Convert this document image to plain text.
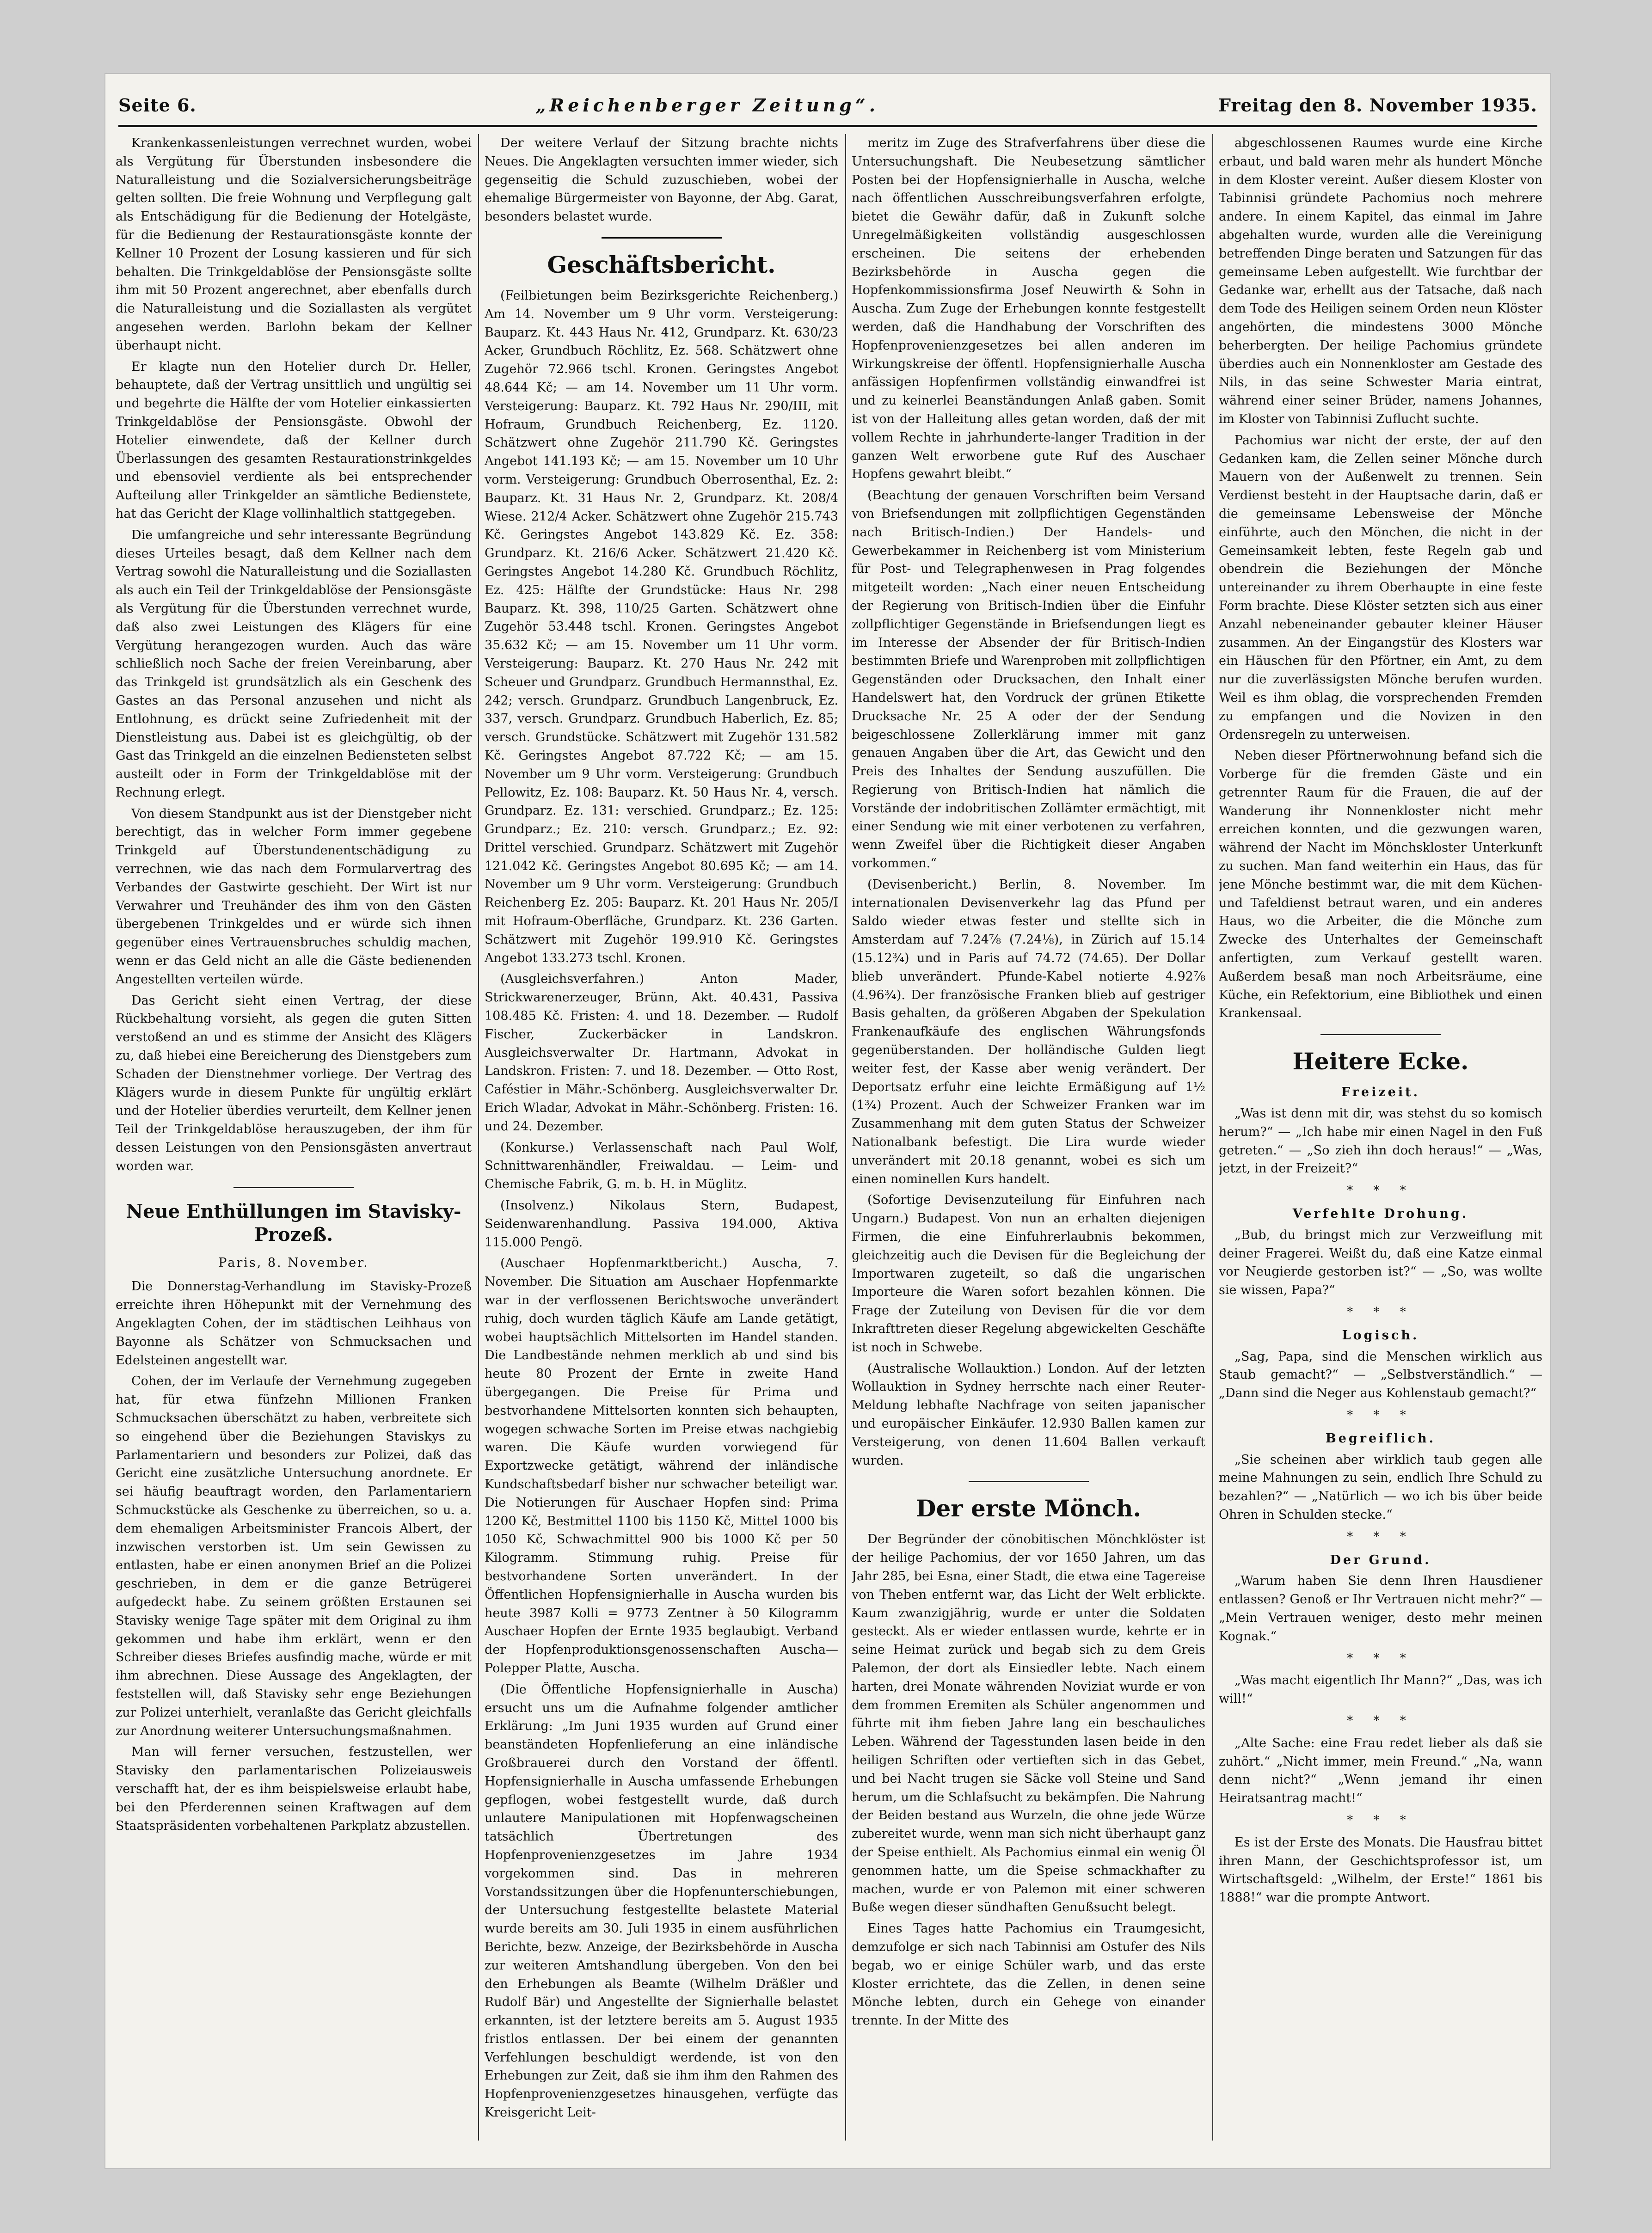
Seite 6.	„Reichenberger Zeitung“.	Freitag den 8. November 1935.

Krankenkassenleistungen verrechnet wurden, wobei als Vergütung für Überstunden insbesondere die Naturalleistung und die Sozialversicherungsbeiträge gelten sollten. Die freie Wohnung und Verpflegung galt als Entschädigung für die Bedienung der Hotelgäste, für die Bedienung der Restaurationsgäste konnte der Kellner 10 Prozent der Losung kassieren und für sich behalten. Die Trinkgeldablöse der Pensionsgäste sollte ihm mit 50 Prozent angerechnet, aber ebenfalls durch die Naturalleistung und die Soziallasten als vergütet angesehen werden. Barlohn bekam der Kellner überhaupt nicht.

Er klagte nun den Hotelier durch Dr. Heller, behauptete, daß der Vertrag unsittlich und ungültig sei und begehrte die Hälfte der vom Hotelier einkassierten Trinkgeldablöse der Pensionsgäste. Obwohl der Hotelier einwendete, daß der Kellner durch Überlassungen des gesamten Restaurationstrinkgeldes und ebensoviel verdiente als bei entsprechender Aufteilung aller Trinkgelder an sämtliche Bedienstete, hat das Gericht der Klage vollinhaltlich stattgegeben.

Die umfangreiche und sehr interessante Begründung dieses Urteiles besagt, daß dem Kellner nach dem Vertrag sowohl die Naturalleistung und die Soziallasten als auch ein Teil der Trinkgeldablöse der Pensionsgäste als Vergütung für die Überstunden verrechnet wurde, daß also zwei Leistungen des Klägers für eine Vergütung herangezogen wurden. Auch das wäre schließlich noch Sache der freien Vereinbarung, aber das Trinkgeld ist grundsätzlich als ein Geschenk des Gastes an das Personal anzusehen und nicht als Entlohnung, es drückt seine Zufriedenheit mit der Dienstleistung aus. Dabei ist es gleichgültig, ob der Gast das Trinkgeld an die einzelnen Bediensteten selbst austeilt oder in Form der Trinkgeldablöse mit der Rechnung erlegt.

Von diesem Standpunkt aus ist der Dienstgeber nicht berechtigt, das in welcher Form immer gegebene Trinkgeld auf Überstundenentschädigung zu verrechnen, wie das nach dem Formularvertrag des Verbandes der Gastwirte geschieht. Der Wirt ist nur Verwahrer und Treuhänder des ihm von den Gästen übergebenen Trinkgeldes und er würde sich ihnen gegenüber eines Vertrauensbruches schuldig machen, wenn er das Geld nicht an alle die Gäste bedienenden Angestellten verteilen würde.

Das Gericht sieht einen Vertrag, der diese Rückbehaltung vorsieht, als gegen die guten Sitten verstoßend an und es stimme der Ansicht des Klägers zu, daß hiebei eine Bereicherung des Dienstgebers zum Schaden der Dienstnehmer vorliege. Der Vertrag des Klägers wurde in diesem Punkte für ungültig erklärt und der Hotelier überdies verurteilt, dem Kellner jenen Teil der Trinkgeldablöse herauszugeben, der ihm für dessen Leistungen von den Pensionsgästen anvertraut worden war.

Neue Enthüllungen im Stavisky-Prozeß.
Paris, 8. November.

Die Donnerstag-Verhandlung im Stavisky-Prozeß erreichte ihren Höhepunkt mit der Vernehmung des Angeklagten Cohen, der im städtischen Leihhaus von Bayonne als Schätzer von Schmucksachen und Edelsteinen angestellt war.

Cohen, der im Verlaufe der Vernehmung zugegeben hat, für etwa fünfzehn Millionen Franken Schmucksachen überschätzt zu haben, verbreitete sich so eingehend über die Beziehungen Staviskys zu Parlamentariern und besonders zur Polizei, daß das Gericht eine zusätzliche Untersuchung anordnete. Er sei häufig beauftragt worden, den Parlamentariern Schmuckstücke als Geschenke zu überreichen, so u. a. dem ehemaligen Arbeitsminister Francois Albert, der inzwischen verstorben ist. Um sein Gewissen zu entlasten, habe er einen anonymen Brief an die Polizei geschrieben, in dem er die ganze Betrügerei aufgedeckt habe. Zu seinem größten Erstaunen sei Stavisky wenige Tage später mit dem Original zu ihm gekommen und habe ihm erklärt, wenn er den Schreiber dieses Briefes ausfindig mache, würde er mit ihm abrechnen. Diese Aussage des Angeklagten, der feststellen will, daß Stavisky sehr enge Beziehungen zur Polizei unterhielt, veranlaßte das Gericht gleichfalls zur Anordnung weiterer Untersuchungsmaßnahmen.

Man will ferner versuchen, festzustellen, wer Stavisky den parlamentarischen Polizeiausweis verschafft hat, der es ihm beispielsweise erlaubt habe, bei den Pferderennen seinen Kraftwagen auf dem Staatspräsidenten vorbehaltenen Parkplatz abzustellen.

Der weitere Verlauf der Sitzung brachte nichts Neues. Die Angeklagten versuchten immer wieder, sich gegenseitig die Schuld zuzuschieben, wobei der ehemalige Bürgermeister von Bayonne, der Abg. Garat, besonders belastet wurde.

Geschäftsbericht.

(Feilbietungen beim Bezirksgerichte Reichenberg.) Am 14. November um 9 Uhr vorm. Versteigerung: Bauparz. Kt. 443 Haus Nr. 412, Grundparz. Kt. 630/23 Acker, Grundbuch Röchlitz, Ez. 568. Schätzwert ohne Zugehör 72.966 tschl. Kronen. Geringstes Angebot 48.644 Kč; — am 14. November um 11 Uhr vorm. Versteigerung: Bauparz. Kt. 792 Haus Nr. 290/III, mit Hofraum, Grundbuch Reichenberg, Ez. 1120. Schätzwert ohne Zugehör 211.790 Kč. Geringstes Angebot 141.193 Kč; — am 15. November um 10 Uhr vorm. Versteigerung: Grundbuch Oberrosenthal, Ez. 2: Bauparz. Kt. 31 Haus Nr. 2, Grundparz. Kt. 208/4 Wiese. 212/4 Acker. Schätzwert ohne Zugehör 215.743 Kč. Geringstes Angebot 143.829 Kč. Ez. 358: Grundparz. Kt. 216/6 Acker. Schätzwert 21.420 Kč. Geringstes Angebot 14.280 Kč. Grundbuch Röchlitz, Ez. 425: Hälfte der Grundstücke: Haus Nr. 298 Bauparz. Kt. 398, 110/25 Garten. Schätzwert ohne Zugehör 53.448 tschl. Kronen. Geringstes Angebot 35.632 Kč; — am 15. November um 11 Uhr vorm. Versteigerung: Bauparz. Kt. 270 Haus Nr. 242 mit Scheuer und Grundparz. Grundbuch Hermannsthal, Ez. 242; versch. Grundparz. Grundbuch Langenbruck, Ez. 337, versch. Grundparz. Grundbuch Haberlich, Ez. 85; versch. Grundstücke. Schätzwert mit Zugehör 131.582 Kč. Geringstes Angebot 87.722 Kč; — am 15. November um 9 Uhr vorm. Versteigerung: Grundbuch Pellowitz, Ez. 108: Bauparz. Kt. 50 Haus Nr. 4, versch. Grundparz. Ez. 131: verschied. Grundparz.; Ez. 125: Grundparz.; Ez. 210: versch. Grundparz.; Ez. 92: Drittel verschied. Grundparz. Schätzwert mit Zugehör 121.042 Kč. Geringstes Angebot 80.695 Kč; — am 14. November um 9 Uhr vorm. Versteigerung: Grundbuch Reichenberg Ez. 205: Bauparz. Kt. 201 Haus Nr. 205/I mit Hofraum-Oberfläche, Grundparz. Kt. 236 Garten. Schätzwert mit Zugehör 199.910 Kč. Geringstes Angebot 133.273 tschl. Kronen.

(Ausgleichsverfahren.) Anton Mader, Strickwarenerzeuger, Brünn, Akt. 40.431, Passiva 108.485 Kč. Fristen: 4. und 18. Dezember. — Rudolf Fischer, Zuckerbäcker in Landskron. Ausgleichsverwalter Dr. Hartmann, Advokat in Landskron. Fristen: 7. und 18. Dezember. — Otto Rost, Caféstier in Mähr.-Schönberg. Ausgleichsverwalter Dr. Erich Wladar, Advokat in Mähr.-Schönberg. Fristen: 16. und 24. Dezember.

(Konkurse.) Verlassenschaft nach Paul Wolf, Schnittwarenhändler, Freiwaldau. — Leim- und Chemische Fabrik, G. m. b. H. in Müglitz.

(Insolvenz.) Nikolaus Stern, Budapest, Seidenwarenhandlung. Passiva 194.000, Aktiva 115.000 Pengö.

(Auschaer Hopfenmarktbericht.) Auscha, 7. November. Die Situation am Auschaer Hopfenmarkte war in der verflossenen Berichtswoche unverändert ruhig, doch wurden täglich Käufe am Lande getätigt, wobei hauptsächlich Mittelsorten im Handel standen. Die Landbestände nehmen merklich ab und sind bis heute 80 Prozent der Ernte in zweite Hand übergegangen. Die Preise für Prima und bestvorhandene Mittelsorten konnten sich behaupten, wogegen schwache Sorten im Preise etwas nachgiebig waren. Die Käufe wurden vorwiegend für Exportzwecke getätigt, während der inländische Kundschaftsbedarf bisher nur schwacher beteiligt war. Die Notierungen für Auschaer Hopfen sind: Prima 1200 Kč, Bestmittel 1100 bis 1150 Kč, Mittel 1000 bis 1050 Kč, Schwachmittel 900 bis 1000 Kč per 50 Kilogramm. Stimmung ruhig. Preise für bestvorhandene Sorten unverändert. In der Öffentlichen Hopfensignierhalle in Auscha wurden bis heute 3987 Kolli = 9773 Zentner à 50 Kilogramm Auschaer Hopfen der Ernte 1935 beglaubigt. Verband der Hopfenproduktionsgenossenschaften Auscha—Polepper Platte, Auscha.

(Die Öffentliche Hopfensignierhalle in Auscha) ersucht uns um die Aufnahme folgender amtlicher Erklärung: „Im Juni 1935 wurden auf Grund einer beanständeten Hopfenlieferung an eine inländische Großbrauerei durch den Vorstand der öffentl. Hopfensignierhalle in Auscha umfassende Erhebungen gepflogen, wobei festgestellt wurde, daß durch unlautere Manipulationen mit Hopfenwagscheinen tatsächlich Übertretungen des Hopfenprovenienzgesetzes im Jahre 1934 vorgekommen sind. Das in mehreren Vorstandssitzungen über die Hopfenunterschiebungen, der Untersuchung festgestellte belastete Material wurde bereits am 30. Juli 1935 in einem ausführlichen Berichte, bezw. Anzeige, der Bezirksbehörde in Auscha zur weiteren Amtshandlung übergeben. Von den bei den Erhebungen als Beamte (Wilhelm Dräßler und Rudolf Bär) und Angestellte der Signierhalle belastet erkannten, ist der letztere bereits am 5. August 1935 fristlos entlassen. Der bei einem der genannten Verfehlungen beschuldigt werdende, ist von den Erhebungen zur Zeit, daß sie ihm ihm den Rahmen des Hopfenprovenienzgesetzes hinausgehen, verfügte das Kreisgericht Leit-

meritz im Zuge des Strafverfahrens über diese die Untersuchungshaft. Die Neubesetzung sämtlicher Posten bei der Hopfensignierhalle in Auscha, welche nach öffentlichen Ausschreibungsverfahren erfolgte, bietet die Gewähr dafür, daß in Zukunft solche Unregelmäßigkeiten vollständig ausgeschlossen erscheinen. Die seitens der erhebenden Bezirksbehörde in Auscha gegen die Hopfenkommissionsfirma Josef Neuwirth & Sohn in Auscha. Zum Zuge der Erhebungen konnte festgestellt werden, daß die Handhabung der Vorschriften des Hopfenprovenienzgesetzes bei allen anderen im Wirkungskreise der öffentl. Hopfensignierhalle Auscha anfässigen Hopfenfirmen vollständig einwandfrei ist und zu keinerlei Beanständungen Anlaß gaben. Somit ist von der Halleitung alles getan worden, daß der mit vollem Rechte in jahrhunderte-langer Tradition in der ganzen Welt erworbene gute Ruf des Auschaer Hopfens gewahrt bleibt.“

(Beachtung der genauen Vorschriften beim Versand von Briefsendungen mit zollpflichtigen Gegenständen nach Britisch-Indien.) Der Handels- und Gewerbekammer in Reichenberg ist vom Ministerium für Post- und Telegraphenwesen in Prag folgendes mitgeteilt worden: „Nach einer neuen Entscheidung der Regierung von Britisch-Indien über die Einfuhr zollpflichtiger Gegenstände in Briefsendungen liegt es im Interesse der Absender der für Britisch-Indien bestimmten Briefe und Warenproben mit zollpflichtigen Gegenständen oder Drucksachen, den Inhalt einer Handelswert hat, den Vordruck der grünen Etikette Drucksache Nr. 25 A oder der der Sendung beigeschlossene Zollerklärung immer mit ganz genauen Angaben über die Art, das Gewicht und den Preis des Inhaltes der Sendung auszufüllen. Die Regierung von Britisch-Indien hat nämlich die Vorstände der indobritischen Zollämter ermächtigt, mit einer Sendung wie mit einer verbotenen zu verfahren, wenn Zweifel über die Richtigkeit dieser Angaben vorkommen.“

(Devisenbericht.) Berlin, 8. November. Im internationalen Devisenverkehr lag das Pfund per Saldo wieder etwas fester und stellte sich in Amsterdam auf 7.24⅞ (7.24⅛), in Zürich auf 15.14 (15.12¾) und in Paris auf 74.72 (74.65). Der Dollar blieb unverändert. Pfunde-Kabel notierte 4.92⅞ (4.96¾). Der französische Franken blieb auf gestriger Basis gehalten, da größeren Abgaben der Spekulation Frankenaufkäufe des englischen Währungsfonds gegenüberstanden. Der holländische Gulden liegt weiter fest, der Kasse aber wenig verändert. Der Deportsatz erfuhr eine leichte Ermäßigung auf 1½ (1¾) Prozent. Auch der Schweizer Franken war im Zusammenhang mit dem guten Status der Schweizer Nationalbank befestigt. Die Lira wurde wieder unverändert mit 20.18 genannt, wobei es sich um einen nominellen Kurs handelt.

(Sofortige Devisenzuteilung für Einfuhren nach Ungarn.) Budapest. Von nun an erhalten diejenigen Firmen, die eine Einfuhrerlaubnis bekommen, gleichzeitig auch die Devisen für die Begleichung der Importwaren zugeteilt, so daß die ungarischen Importeure die Waren sofort bezahlen können. Die Frage der Zuteilung von Devisen für die vor dem Inkrafttreten dieser Regelung abgewickelten Geschäfte ist noch in Schwebe.

(Australische Wollauktion.) London. Auf der letzten Wollauktion in Sydney herrschte nach einer Reuter-Meldung lebhafte Nachfrage von seiten japanischer und europäischer Einkäufer. 12.930 Ballen kamen zur Versteigerung, von denen 11.604 Ballen verkauft wurden.

Der erste Mönch.

Der Begründer der cönobitischen Mönchklöster ist der heilige Pachomius, der vor 1650 Jahren, um das Jahr 285, bei Esna, einer Stadt, die etwa eine Tagereise von Theben entfernt war, das Licht der Welt erblickte. Kaum zwanzigjährig, wurde er unter die Soldaten gesteckt. Als er wieder entlassen wurde, kehrte er in seine Heimat zurück und begab sich zu dem Greis Palemon, der dort als Einsiedler lebte. Nach einem harten, drei Monate währenden Noviziat wurde er von dem frommen Eremiten als Schüler angenommen und führte mit ihm fieben Jahre lang ein beschauliches Leben. Während der Tagesstunden lasen beide in den heiligen Schriften oder vertieften sich in das Gebet, und bei Nacht trugen sie Säcke voll Steine und Sand herum, um die Schlafsucht zu bekämpfen. Die Nahrung der Beiden bestand aus Wurzeln, die ohne jede Würze zubereitet wurde, wenn man sich nicht überhaupt ganz der Speise enthielt. Als Pachomius einmal ein wenig Öl genommen hatte, um die Speise schmackhafter zu machen, wurde er von Palemon mit einer schweren Buße wegen dieser sündhaften Genußsucht belegt.

Eines Tages hatte Pachomius ein Traumgesicht, demzufolge er sich nach Tabinnisi am Ostufer des Nils begab, wo er einige Schüler warb, und das erste Kloster errichtete, das die Zellen, in denen seine Mönche lebten, durch ein Gehege von einander trennte. In der Mitte des

abgeschlossenen Raumes wurde eine Kirche erbaut, und bald waren mehr als hundert Mönche in dem Kloster vereint. Außer diesem Kloster von Tabinnisi gründete Pachomius noch mehrere andere. In einem Kapitel, das einmal im Jahre abgehalten wurde, wurden alle die Vereinigung betreffenden Dinge beraten und Satzungen für das gemeinsame Leben aufgestellt. Wie furchtbar der Gedanke war, erhellt aus der Tatsache, daß nach dem Tode des Heiligen seinem Orden neun Klöster angehörten, die mindestens 3000 Mönche beherbergten. Der heilige Pachomius gründete überdies auch ein Nonnenkloster am Gestade des Nils, in das seine Schwester Maria eintrat, während einer seiner Brüder, namens Johannes, im Kloster von Tabinnisi Zuflucht suchte.

Pachomius war nicht der erste, der auf den Gedanken kam, die Zellen seiner Mönche durch Mauern von der Außenwelt zu trennen. Sein Verdienst besteht in der Hauptsache darin, daß er die gemeinsame Lebensweise der Mönche einführte, auch den Mönchen, die nicht in der Gemeinsamkeit lebten, feste Regeln gab und obendrein die Beziehungen der Mönche untereinander zu ihrem Oberhaupte in eine feste Form brachte. Diese Klöster setzten sich aus einer Anzahl nebeneinander gebauter kleiner Häuser zusammen. An der Eingangstür des Klosters war ein Häuschen für den Pförtner, ein Amt, zu dem nur die zuverlässigsten Mönche berufen wurden. Weil es ihm oblag, die vorsprechenden Fremden zu empfangen und die Novizen in den Ordensregeln zu unterweisen.

Neben dieser Pförtnerwohnung befand sich die Vorberge für die fremden Gäste und ein getrennter Raum für die Frauen, die auf der Wanderung ihr Nonnenkloster nicht mehr erreichen konnten, und die gezwungen waren, während der Nacht im Mönchskloster Unterkunft zu suchen. Man fand weiterhin ein Haus, das für jene Mönche bestimmt war, die mit dem Küchen- und Tafeldienst betraut waren, und ein anderes Haus, wo die Arbeiter, die die Mönche zum Zwecke des Unterhaltes der Gemeinschaft anfertigten, zum Verkauf gestellt waren. Außerdem besaß man noch Arbeitsräume, eine Küche, ein Refektorium, eine Bibliothek und einen Krankensaal.

Heitere Ecke.
Freizeit.

„Was ist denn mit dir, was stehst du so komisch herum?“ — „Ich habe mir einen Nagel in den Fuß getreten.“ — „So zieh ihn doch heraus!“ — „Was, jetzt, in der Freizeit?“

* * *
Verfehlte Drohung.

„Bub, du bringst mich zur Verzweiflung mit deiner Fragerei. Weißt du, daß eine Katze einmal vor Neugierde gestorben ist?“ — „So, was wollte sie wissen, Papa?“

* * *
Logisch.

„Sag, Papa, sind die Menschen wirklich aus Staub gemacht?“ — „Selbstverständlich.“ — „Dann sind die Neger aus Kohlenstaub gemacht?“

* * *
Begreiflich.

„Sie scheinen aber wirklich taub gegen alle meine Mahnungen zu sein, endlich Ihre Schuld zu bezahlen?“ — „Natürlich — wo ich bis über beide Ohren in Schulden stecke.“

* * *
Der Grund.

„Warum haben Sie denn Ihren Hausdiener entlassen? Genoß er Ihr Vertrauen nicht mehr?“ — „Mein Vertrauen weniger, desto mehr meinen Kognak.“

* * *

„Was macht eigentlich Ihr Mann?“ „Das, was ich will!“

* * *

„Alte Sache: eine Frau redet lieber als daß sie zuhört.“ „Nicht immer, mein Freund.“ „Na, wann denn nicht?“ „Wenn jemand ihr einen Heiratsantrag macht!“

* * *

Es ist der Erste des Monats. Die Hausfrau bittet ihren Mann, der Geschichtsprofessor ist, um Wirtschaftsgeld: „Wilhelm, der Erste!“ 1861 bis 1888!“ war die prompte Antwort.
